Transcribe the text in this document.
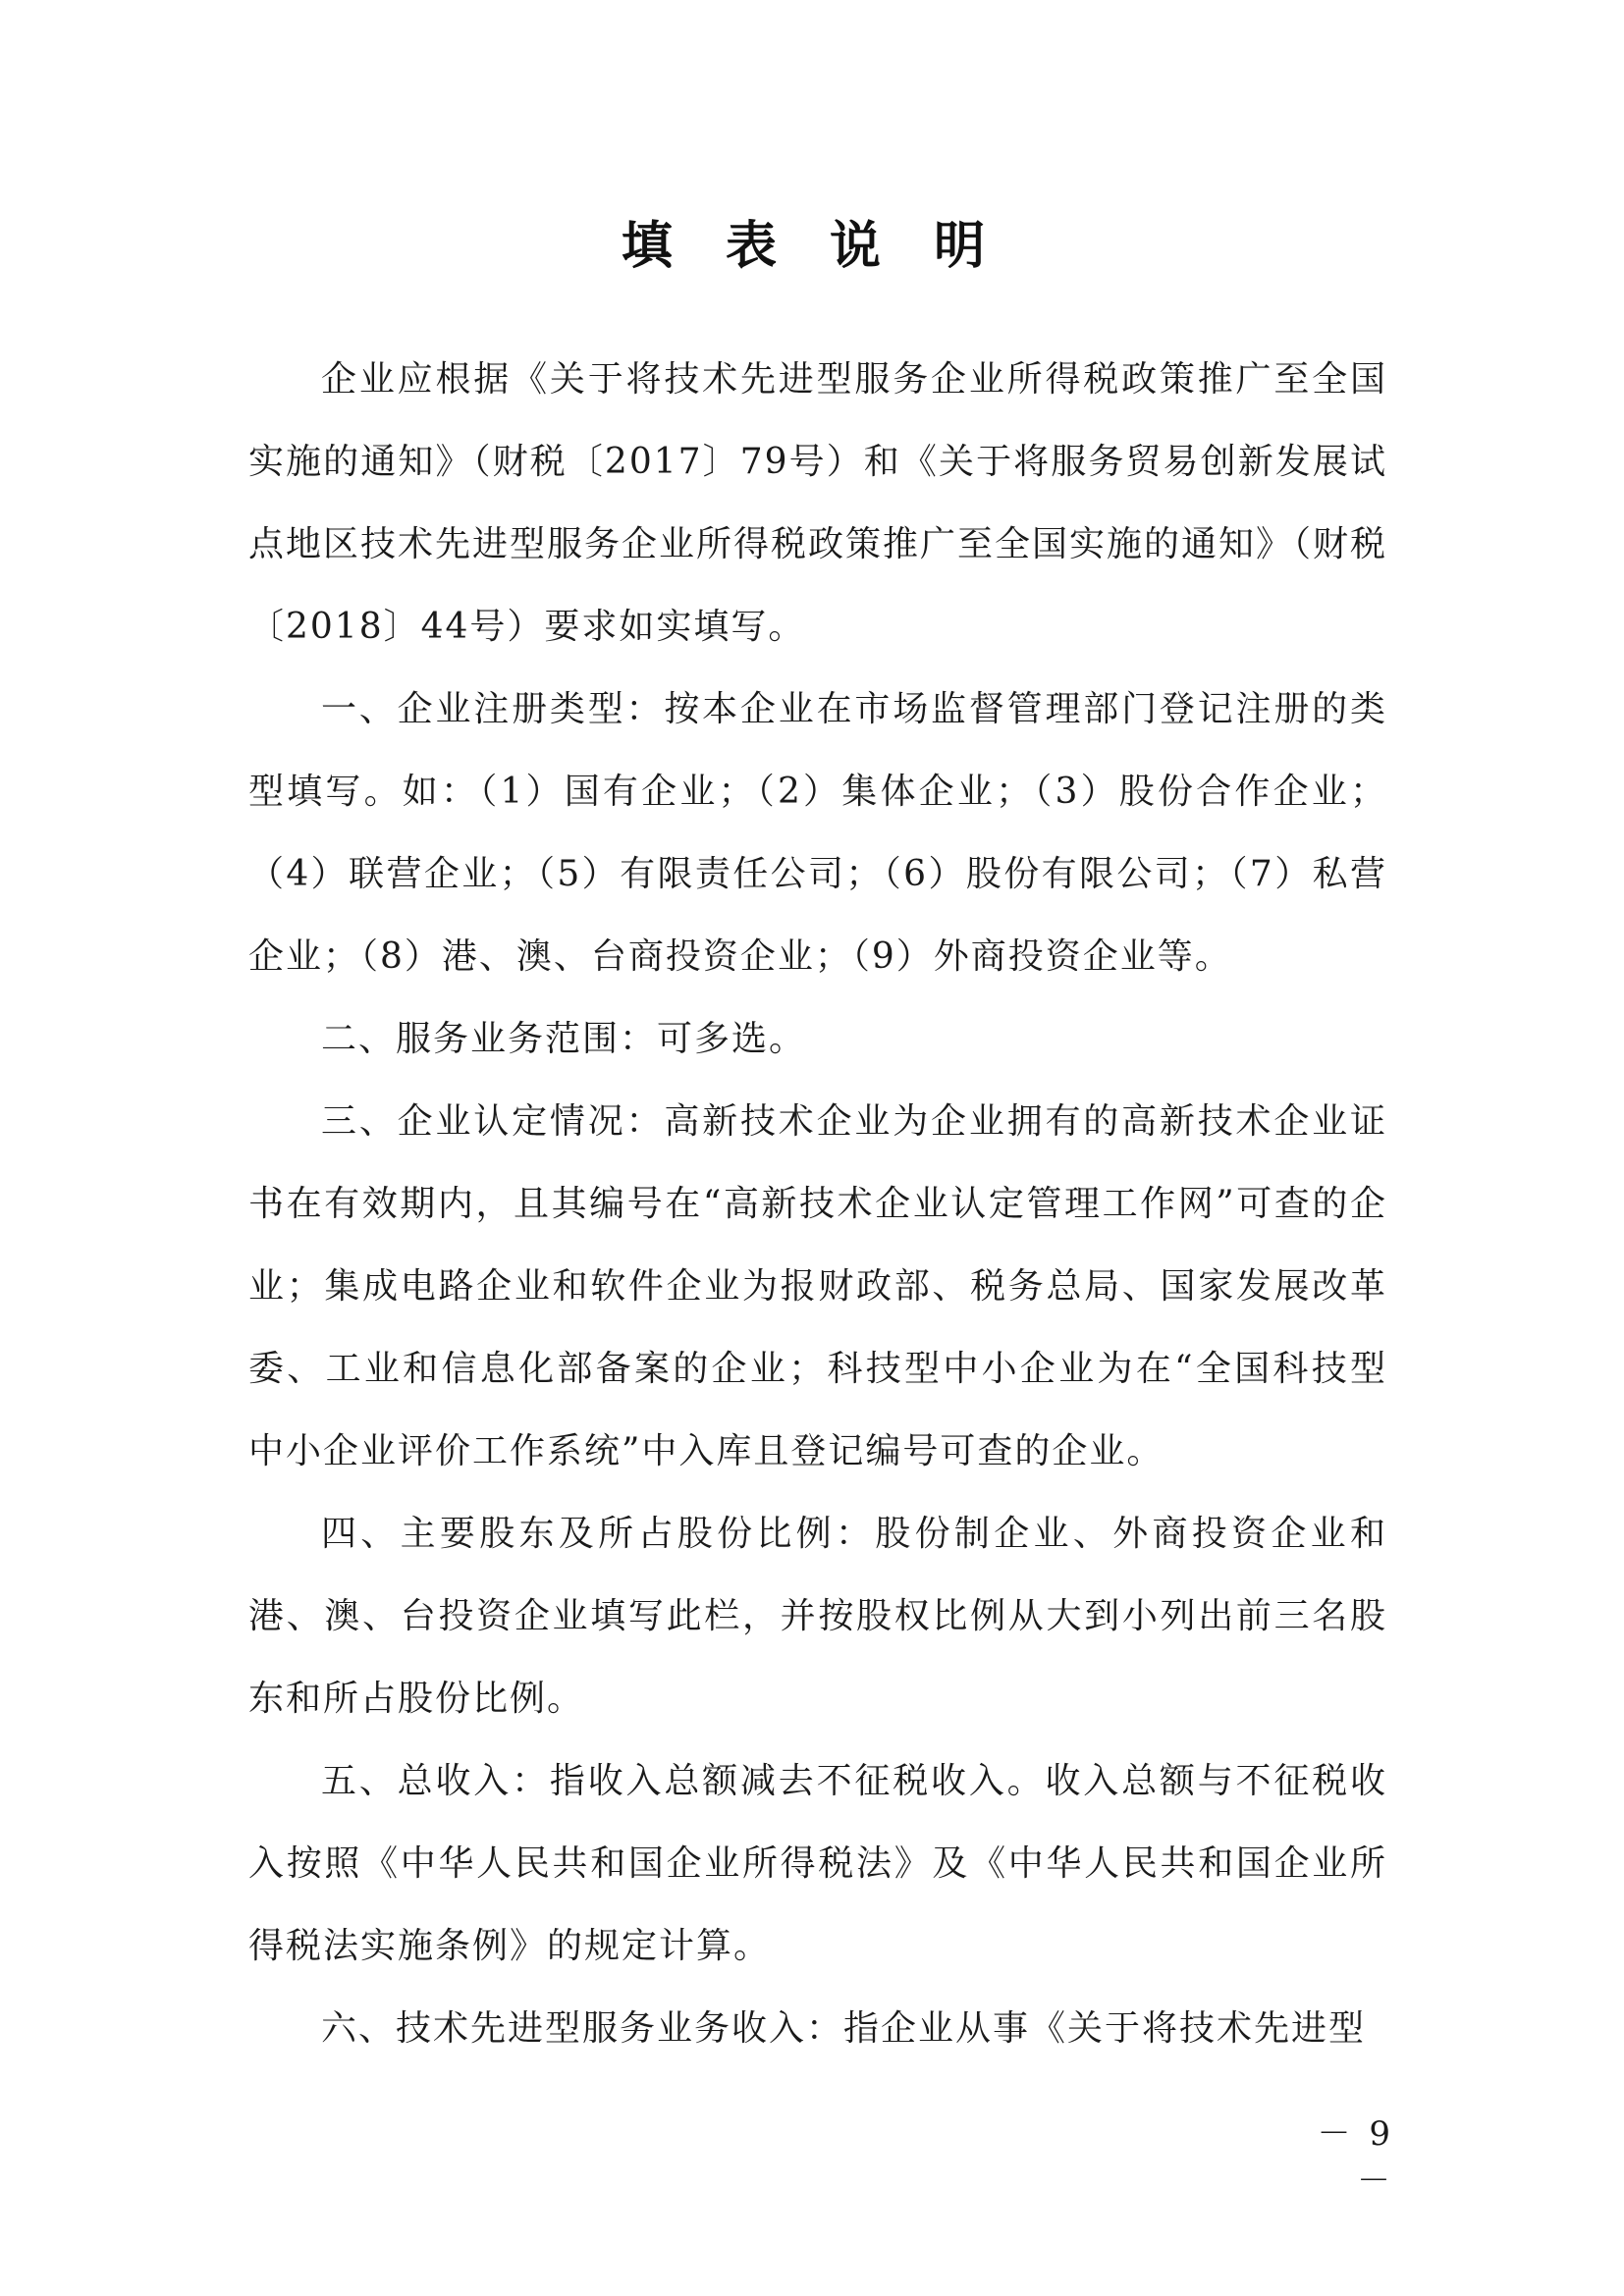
填 表 说 明

企业应根据《关于将技术先进型服务企业所得税政策推广至全国实施的通知》（财税〔2017〕79号）和《关于将服务贸易创新发展试点地区技术先进型服务企业所得税政策推广至全国实施的通知》（财税〔2018〕44号）要求如实填写。

一、企业注册类型：按本企业在市场监督管理部门登记注册的类型填写。如：（1）国有企业；（2）集体企业；（3）股份合作企业；（4）联营企业；（5）有限责任公司；（6）股份有限公司；（7）私营企业；（8）港、澳、台商投资企业；（9）外商投资企业等。

二、服务业务范围：可多选。

三、企业认定情况：高新技术企业为企业拥有的高新技术企业证书在有效期内，且其编号在“高新技术企业认定管理工作网”可查的企业；集成电路企业和软件企业为报财政部、税务总局、国家发展改革委、工业和信息化部备案的企业；科技型中小企业为在“全国科技型中小企业评价工作系统”中入库且登记编号可查的企业。

四、主要股东及所占股份比例：股份制企业、外商投资企业和港、澳、台投资企业填写此栏，并按股权比例从大到小列出前三名股东和所占股份比例。

五、总收入：指收入总额减去不征税收入。收入总额与不征税收入按照《中华人民共和国企业所得税法》及《中华人民共和国企业所得税法实施条例》的规定计算。

六、技术先进型服务业务收入：指企业从事《关于将技术先进型

－ 9 －
